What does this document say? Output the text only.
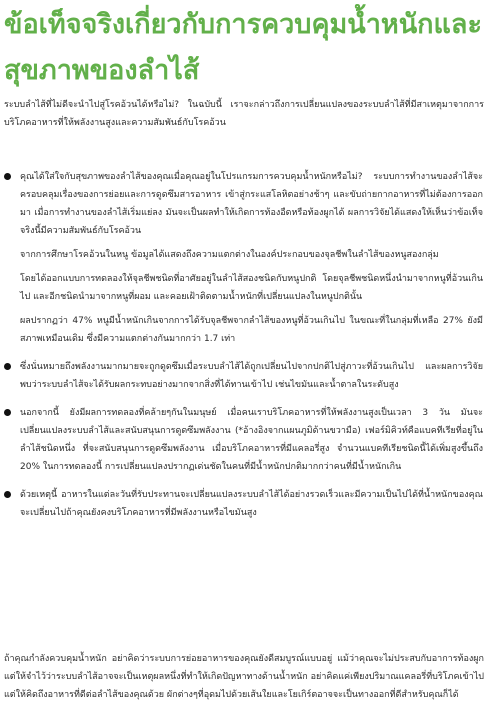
ข้อเท็จจริงเกี่ยวกับการควบคุมน้ำหนักและสุขภาพของลำไส้

ระบบลำไส้ที่ไม่ดีจะนำไปสู่โรคอ้วนได้หรือไม่? ในฉบับนี้ เราจะกล่าวถึงการเปลี่ยนแปลงของระบบลำไส้ที่มีสาเหตุมาจากการบริโภคอาหารที่ให้พลังงานสูงและความสัมพันธ์กับโรคอ้วน

คุณได้ใส่ใจกับสุขภาพของลำไส้ของคุณเมื่อคุณอยู่ในโปรแกรมการควบคุมน้ำหนักหรือไม่? ระบบการทำงานของลำไส้จะครอบคลุมเรื่องของการย่อยและการดูดซึมสารอาหาร เข้าสู่กระแสโลหิตอย่างช้าๆ และขับถ่ายกากอาหารที่ไม่ต้องการออกมา เมื่อการทำงานของลำไส้เริ่มแย่ลง มันจะเป็นผลทำให้เกิดการท้องอืดหรือท้องผูกได้ ผลการวิจัยได้แสดงให้เห็นว่าข้อเท็จจริงนี้มีความสัมพันธ์กับโรคอ้วน

จากการศึกษาโรคอ้วนในหนู ข้อมูลได้แสดงถึงความแตกต่างในองค์ประกอบของจุลชีพในลำไส้ของหนูสองกลุ่ม

โดยได้ออกแบบการทดลองให้จุลชีพชนิดที่อาศัยอยู่ในลำไส้สองชนิดกับหนูปกติ โดยจุลชีพชนิดหนึ่งนำมาจากหนูที่อ้วนเกินไป และอีกชนิดนำมาจากหนูที่ผอม และคอยเฝ้าติดตามน้ำหนักที่เปลี่ยนแปลงในหนูปกตินั้น

ผลปรากฏว่า 47% หนูมีน้ำหนักเกินจากการได้รับจุลชีพจากลำไส้ของหนูที่อ้วนเกินไป ในขณะที่ในกลุ่มที่เหลือ 27% ยังมีสภาพเหมือนเดิม ซึ่งมีความแตกต่างกันมากกว่า 1.7 เท่า

ซึ่งนั่นหมายถึงพลังงานมากมายจะถูกดูดซึมเมื่อระบบลำไส้ได้ถูกเปลี่ยนไปจากปกติไปสู่ภาวะที่อ้วนเกินไป และผลการวิจัยพบว่าระบบลำไส้จะได้รับผลกระทบอย่างมากจากสิ่งที่ได้ทานเข้าไป เช่นไขมันและน้ำตาลในระดับสูง

นอกจากนี้ ยังมีผลการทดลองที่คล้ายๆกันในมนุษย์ เมื่อคนเราบริโภคอาหารที่ให้พลังงานสูงเป็นเวลา 3 วัน มันจะเปลี่ยนแปลงระบบลำไส้และสนับสนุนการดูดซึมพลังงาน (*อ้างอิงจากแผนภูมิด้านขวามือ) เฟอร์มิคิวท์คือแบคทีเรียที่อยู่ในลำไส้ชนิดหนึ่ง ที่จะสนับสนุนการดูดซึมพลังงาน เมื่อบริโภคอาหารที่มีแคลอรี่สูง จำนวนแบคทีเรียชนิดนี้ได้เพิ่มสูงขึ้นถึง 20% ในการทดลองนี้ การเปลี่ยนแปลงปรากฏเด่นชัดในคนที่มีน้ำหนักปกติมากกว่าคนที่มีน้ำหนักเกิน

ด้วยเหตุนี้ อาหารในแต่ละวันที่รับประทานจะเปลี่ยนแปลงระบบลำไส้ได้อย่างรวดเร็วและมีความเป็นไปได้ที่น้ำหนักของคุณจะเปลี่ยนไปถ้าคุณยังคงบริโภคอาหารที่มีพลังงานหรือไขมันสูง

ถ้าคุณกำลังควบคุมน้ำหนัก อย่าคิดว่าระบบการย่อยอาหารของคุณยังดีสมบูรณ์แบบอยู่ แม้ว่าคุณจะไม่ประสบกับอาการท้องผูก แต่ให้จำไว้ว่าระบบลำไส้อาจจะเป็นเหตุผลหนึ่งที่ทำให้เกิดปัญหาทางด้านน้ำหนัก อย่าคิดแค่เพียงปริมาณแคลอรี่ที่บริโภคเข้าไป แต่ให้คิดถึงอาหารที่ดีต่อลำไส้ของคุณด้วย ผักต่างๆที่อุดมไปด้วยเส้นใยและโยเกิร์ตอาจจะเป็นทางออกที่ดีสำหรับคุณก็ได้
